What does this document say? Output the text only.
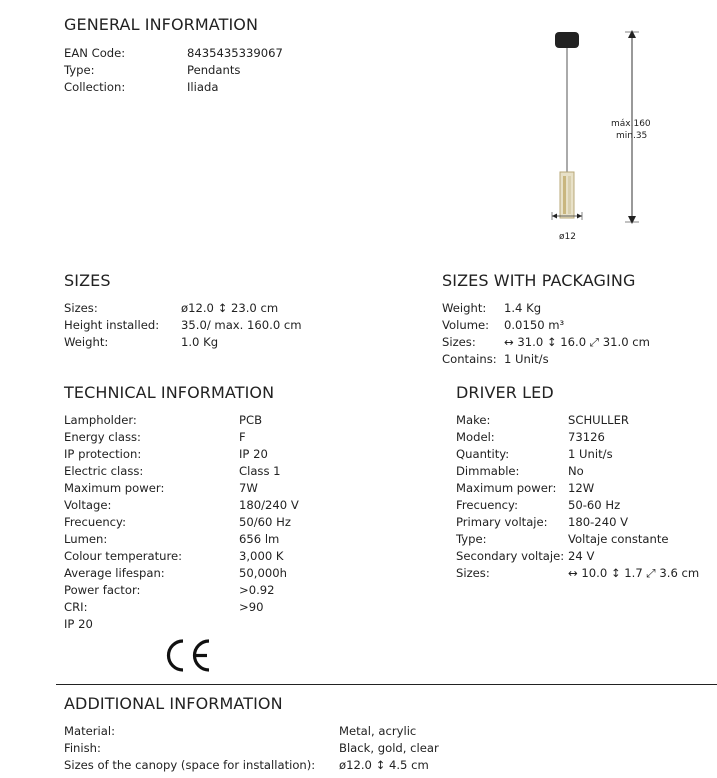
GENERAL INFORMATION
EAN Code:	8435435339067
Type:	Pendants
Collection:	Iliada
máx.160
min.35
ø12
SIZES
Sizes:	ø12.0 ↕ 23.0 cm
Height installed: 35.0/ max. 160.0 cm
Weight:	1.0 Kg
SIZES WITH PACKAGING
Weight: 1.4 Kg
Volume: 0.0150 m³
Sizes: ↔ 31.0 ↕ 16.0 ⤢ 31.0 cm
Contains: 1 Unit/s
TECHNICAL INFORMATION
Lampholder:	PCB
Energy class:	F
IP protection:	IP 20
Electric class:	Class 1
Maximum power:	7W
Voltage:	180/240 V
Frecuency:	50/60 Hz
Lumen:	656 lm
Colour temperature:	3,000 K
Average lifespan:	50,000h
Power factor:	>0.92
CRI:	>90
IP 20
DRIVER LED
Make:	SCHULLER
Model:	73126
Quantity:	1 Unit/s
Dimmable:	No
Maximum power: 12W
Frecuency:	50-60 Hz
Primary voltaje: 180-240 V
Type:	Voltaje constante
Secondary voltaje: 24 V
Sizes:	↔ 10.0 ↕ 1.7 ⤢ 3.6 cm
ADDITIONAL INFORMATION
Material:	Metal, acrylic
Finish:	Black, gold, clear
Sizes of the canopy (space for installation): ø12.0 ↕ 4.5 cm
